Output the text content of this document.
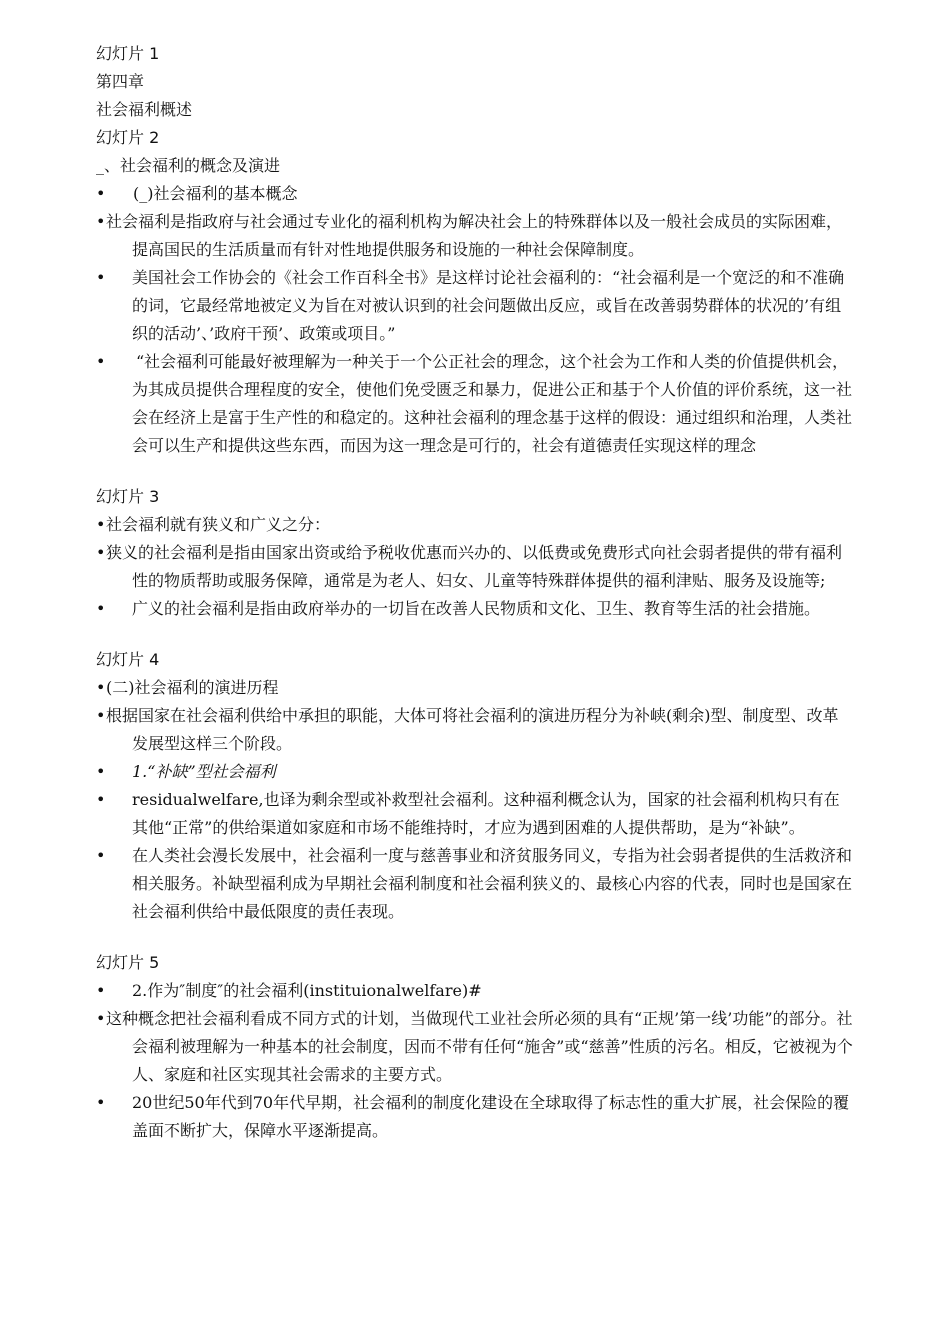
幻灯片 1

第四章

社会福利概述

幻灯片 2

_、社会福利的概念及演进

• (_)社会福利的基本概念
• 社会福利是指政府与社会通过专业化的福利机构为解决社会上的特殊群体以及一般社会成员的实际困难，提高国民的生活质量而有针对性地提供服务和设施的一种社会保障制度。
• 美国社会工作协会的《社会工作百科全书》是这样讨论社会福利的：“社会福利是一个宽泛的和不准确的词，它最经常地被定义为旨在对被认识到的社会问题做出反应，或旨在改善弱势群体的状况的’有组织的活动’、’政府干预’、政策或项目。”
• “社会福利可能最好被理解为一种关于一个公正社会的理念，这个社会为工作和人类的价值提供机会，为其成员提供合理程度的安全，使他们免受匮乏和暴力，促进公正和基于个人价值的评价系统，这一社会在经济上是富于生产性的和稳定的。这种社会福利的理念基于这样的假设：通过组织和治理，人类社会可以生产和提供这些东西，而因为这一理念是可行的，社会有道德责任实现这样的理念

幻灯片 3

• 社会福利就有狭义和广义之分：
• 狭义的社会福利是指由国家出资或给予税收优惠而兴办的、以低费或免费形式向社会弱者提供的带有福利性的物质帮助或服务保障，通常是为老人、妇女、儿童等特殊群体提供的福利津贴、服务及设施等;
• 广义的社会福利是指由政府举办的一切旨在改善人民物质和文化、卫生、教育等生活的社会措施。

幻灯片 4

• (二)社会福利的演进历程
• 根据国家在社会福利供给中承担的职能，大体可将社会福利的演进历程分为补峡(剩余)型、制度型、改革发展型这样三个阶段。
• 1.“补缺”型社会福利
• residualwelfare,也译为剩余型或补救型社会福利。这种福利概念认为，国家的社会福利机构只有在其他“正常”的供给渠道如家庭和市场不能维持时，才应为遇到困难的人提供帮助，是为“补缺”。
• 在人类社会漫长发展中，社会福利一度与慈善事业和济贫服务同义，专指为社会弱者提供的生活救济和相关服务。补缺型福利成为早期社会福利制度和社会福利狭义的、最核心内容的代表，同时也是国家在社会福利供给中最低限度的责任表现。

幻灯片 5

• 2.作为″制度″的社会福利(instituionalwelfare)#
• 这种概念把社会福利看成不同方式的计划，当做现代工业社会所必须的具有“正规’第一线’功能”的部分。社会福利被理解为一种基本的社会制度，因而不带有任何“施舍”或“慈善”性质的污名。相反，它被视为个人、家庭和社区实现其社会需求的主要方式。
• 20世纪50年代到70年代早期，社会福利的制度化建设在全球取得了标志性的重大扩展，社会保险的覆盖面不断扩大，保障水平逐渐提高。
